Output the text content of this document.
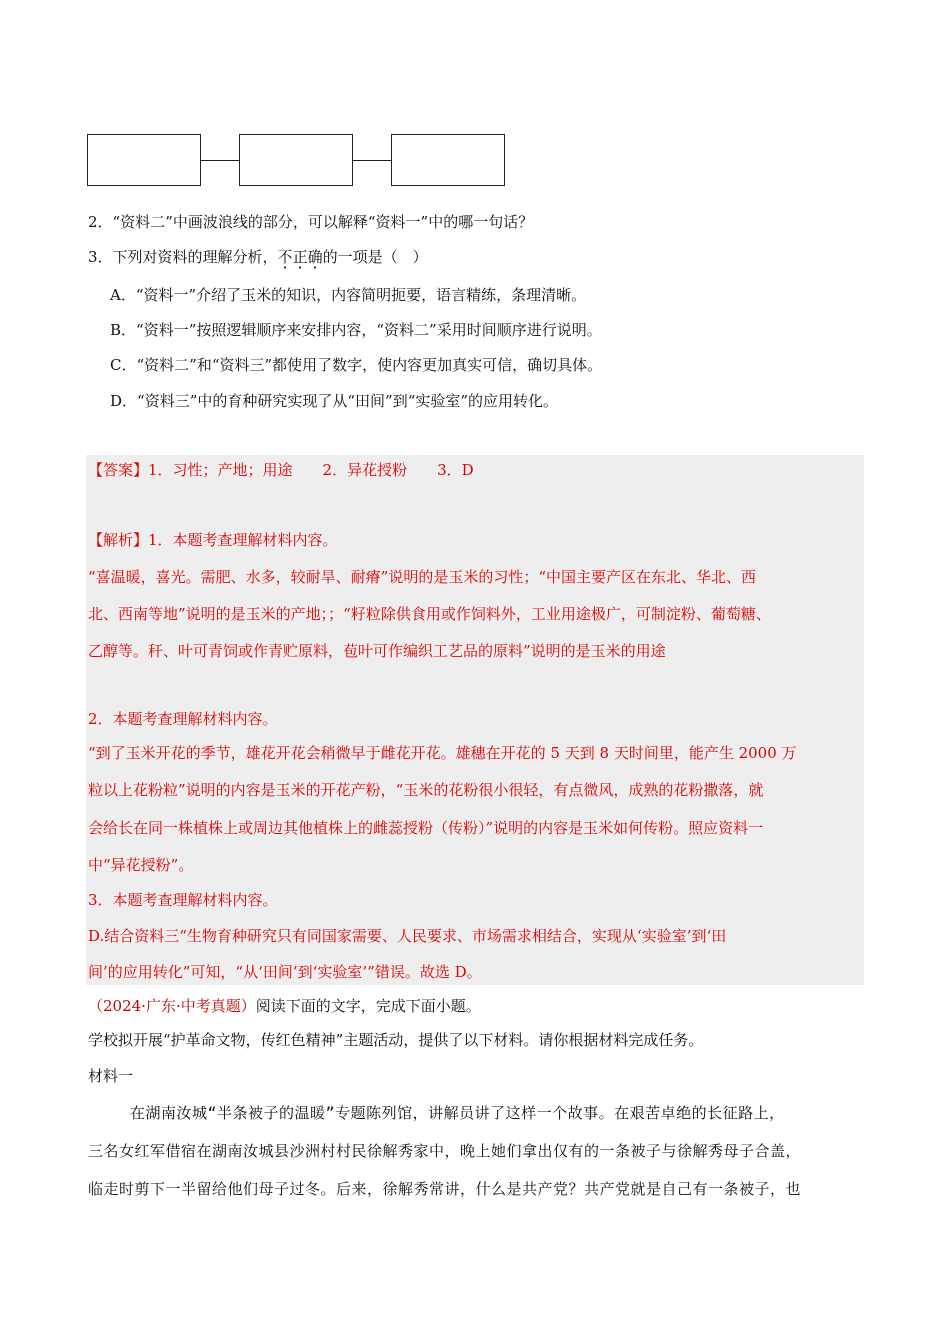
2．“资料二”中画波浪线的部分，可以解释“资料一”中的哪一句话？
3．下列对资料的理解分析，不正确的一项是（　）
A．“资料一”介绍了玉米的知识，内容简明扼要，语言精练，条理清晰。
B．“资料一”按照逻辑顺序来安排内容，“资料二”采用时间顺序进行说明。
C．“资料二”和“资料三”都使用了数字，使内容更加真实可信，确切具体。
D．“资料三”中的育种研究实现了从“田间”到“实验室”的应用转化。
【答案】1．习性；产地；用途　　2．异花授粉　　3．D
【解析】1．本题考查理解材料内容。
“喜温暖，喜光。需肥、水多，较耐旱、耐瘠”说明的是玉米的习性；“中国主要产区在东北、华北、西
北、西南等地”说明的是玉米的产地；；“籽粒除供食用或作饲料外，工业用途极广，可制淀粉、葡萄糖、
乙醇等。秆、叶可青饲或作青贮原料，苞叶可作编织工艺品的原料”说明的是玉米的用途
2．本题考查理解材料内容。
“到了玉米开花的季节，雄花开花会稍微早于雌花开花。雄穗在开花的 5 天到 8 天时间里，能产生 2000 万
粒以上花粉粒”说明的内容是玉米的开花产粉，“玉米的花粉很小很轻，有点微风，成熟的花粉撒落，就
会给长在同一株植株上或周边其他植株上的雌蕊授粉（传粉）”说明的内容是玉米如何传粉。照应资料一
中“异花授粉”。
3．本题考查理解材料内容。
D.结合资料三“生物育种研究只有同国家需要、人民要求、市场需求相结合，实现从‘实验室’到‘田
间’的应用转化”可知，“从‘田间’到‘实验室’”错误。故选 D。
（2024·广东·中考真题）阅读下面的文字，完成下面小题。
学校拟开展“护革命文物，传红色精神”主题活动，提供了以下材料。请你根据材料完成任务。
材料一
在湖南汝城“半条被子的温暖”专题陈列馆，讲解员讲了这样一个故事。在艰苦卓绝的长征路上，
三名女红军借宿在湖南汝城县沙洲村村民徐解秀家中，晚上她们拿出仅有的一条被子与徐解秀母子合盖，
临走时剪下一半留给他们母子过冬。后来，徐解秀常讲，什么是共产党？共产党就是自己有一条被子，也
